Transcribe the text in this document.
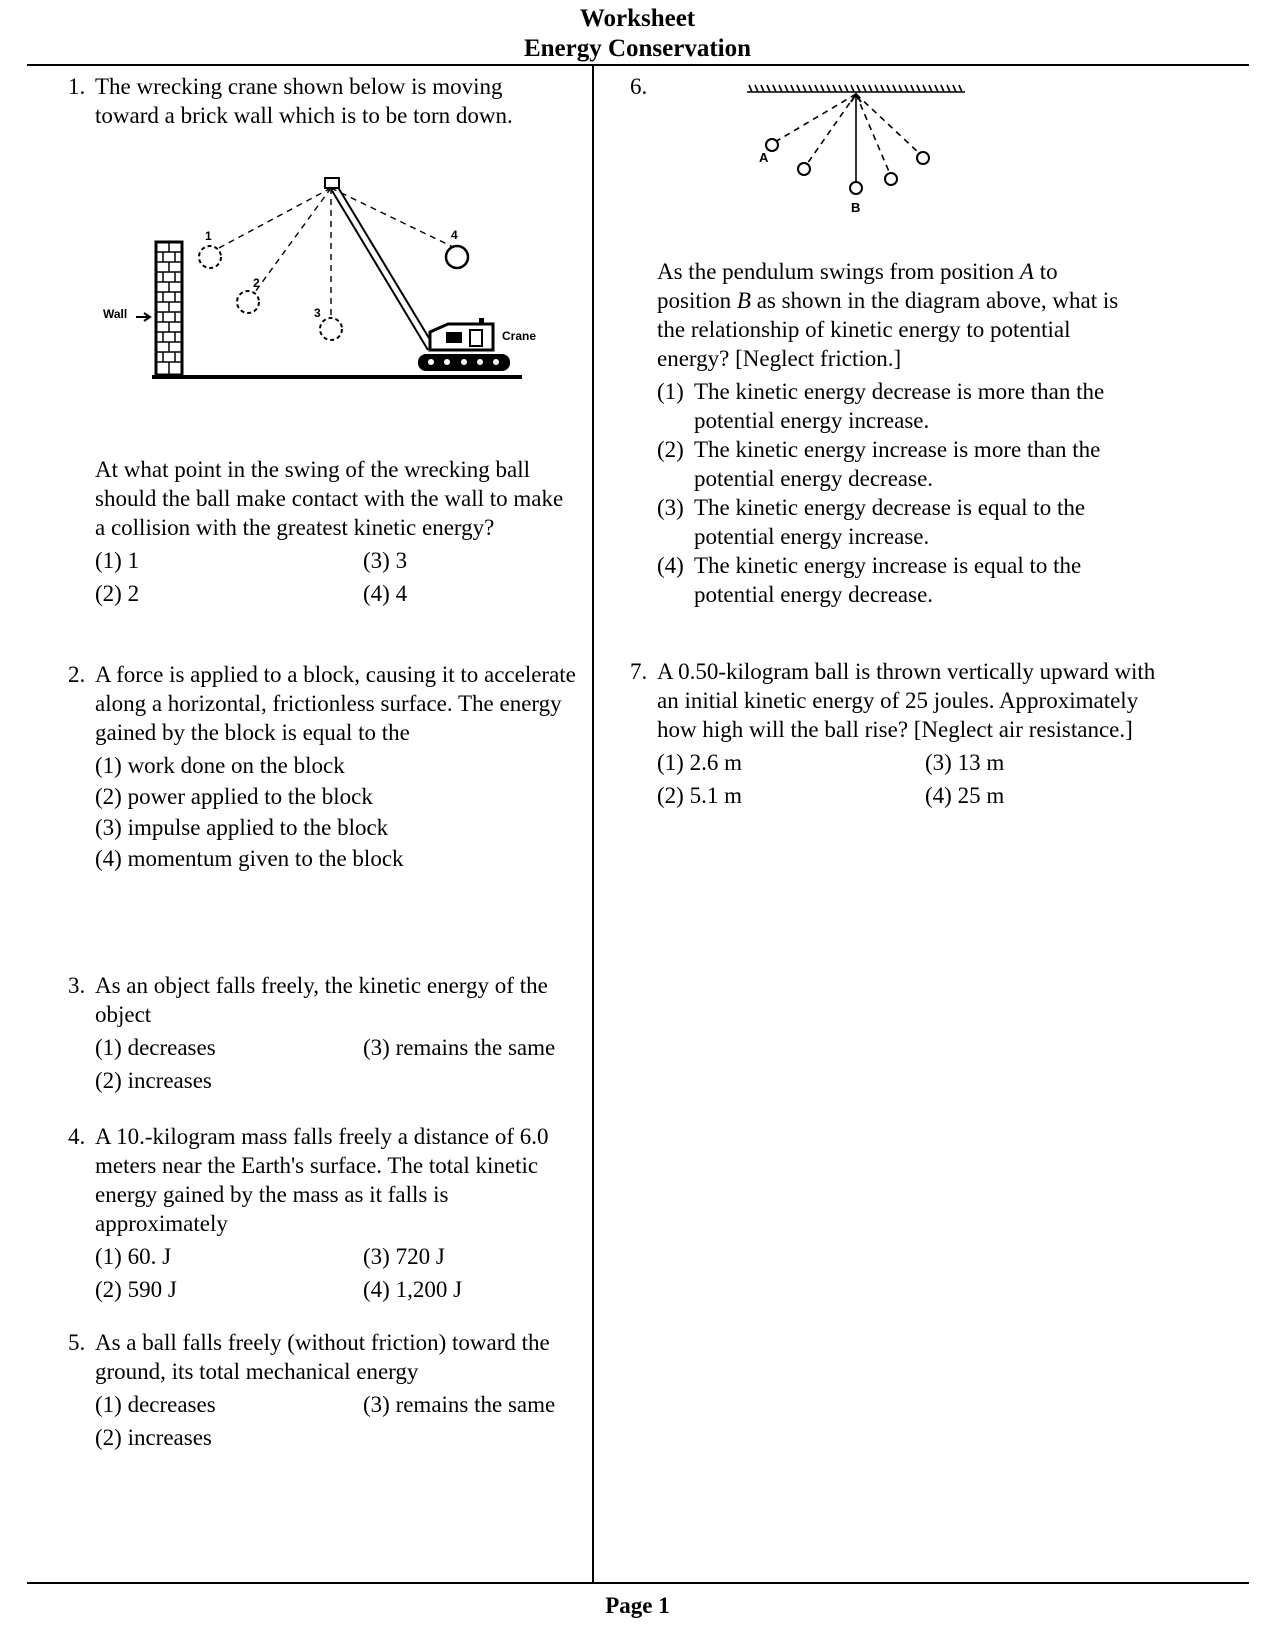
Worksheet
Energy Conservation
1. The wrecking crane shown below is moving toward a brick wall which is to be torn down.
Wall
1
2
3
4
Crane
At what point in the swing of the wrecking ball should the ball make contact with the wall to make a collision with the greatest kinetic energy?
(1) 1	(3) 3
(2) 2	(4) 4
2. A force is applied to a block, causing it to accelerate along a horizontal, frictionless surface. The energy gained by the block is equal to the
(1) work done on the block
(2) power applied to the block
(3) impulse applied to the block
(4) momentum given to the block
3. As an object falls freely, the kinetic energy of the object
(1) decreases	(3) remains the same
(2) increases
4. A 10.-kilogram mass falls freely a distance of 6.0 meters near the Earth's surface. The total kinetic energy gained by the mass as it falls is approximately
(1) 60. J	(3) 720 J
(2) 590 J	(4) 1,200 J
5. As a ball falls freely (without friction) toward the ground, its total mechanical energy
(1) decreases	(3) remains the same
(2) increases
6.
A
B
As the pendulum swings from position A to position B as shown in the diagram above, what is the relationship of kinetic energy to potential energy? [Neglect friction.]
(1) The kinetic energy decrease is more than the potential energy increase.
(2) The kinetic energy increase is more than the potential energy decrease.
(3) The kinetic energy decrease is equal to the potential energy increase.
(4) The kinetic energy increase is equal to the potential energy decrease.
7. A 0.50-kilogram ball is thrown vertically upward with an initial kinetic energy of 25 joules. Approximately how high will the ball rise? [Neglect air resistance.]
(1) 2.6 m	(3) 13 m
(2) 5.1 m	(4) 25 m
Page 1
